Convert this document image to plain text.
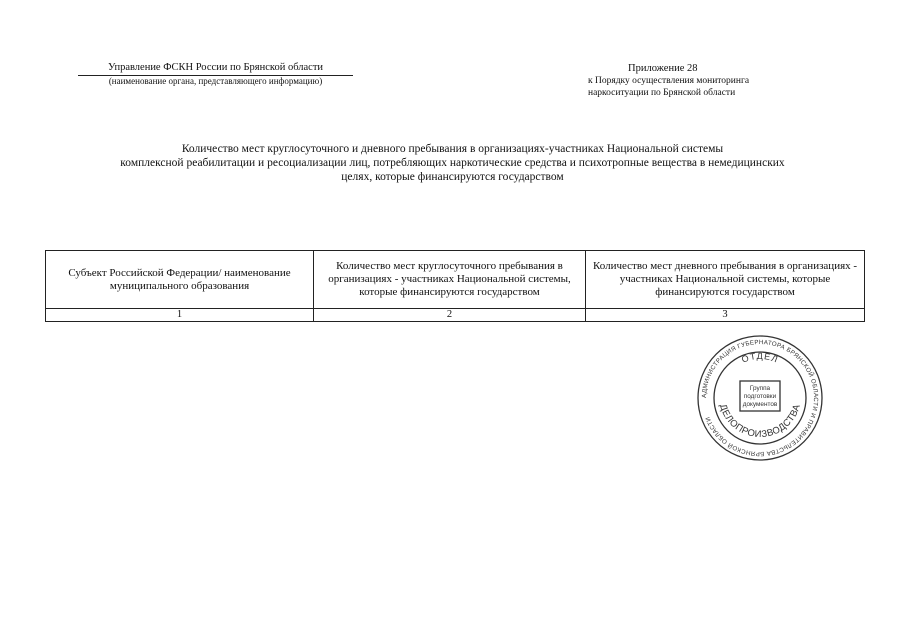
Управление ФСКН России по Брянской области
(наименование органа, представляющего информацию)
Приложение 28
к Порядку осуществления мониторинга
наркоситуации по Брянской области
Количество мест круглосуточного и дневного пребывания в организациях-участниках Национальной системы
комплексной реабилитации и ресоциализации лиц, потребляющих наркотические средства и психотропные вещества в немедицинских
целях, которые финансируются государством
Субъект Российской Федерации/ наименование муниципального образования	Количество мест круглосуточного пребывания в организациях - участниках Национальной системы, которые финансируются государством	Количество мест дневного пребывания в организациях - участниках Национальной системы, которые финансируются государством
1	2	3
АДМИНИСТРАЦИЯ ГУБЕРНАТОРА БРЯНСКОЙ ОБЛАСТИ И ПРАВИТЕЛЬСТВА БРЯНСКОЙ ОБЛАСТИ
ОТДЕЛ
ДЕЛОПРОИЗВОДСТВА
Группа
подготовки
документов
